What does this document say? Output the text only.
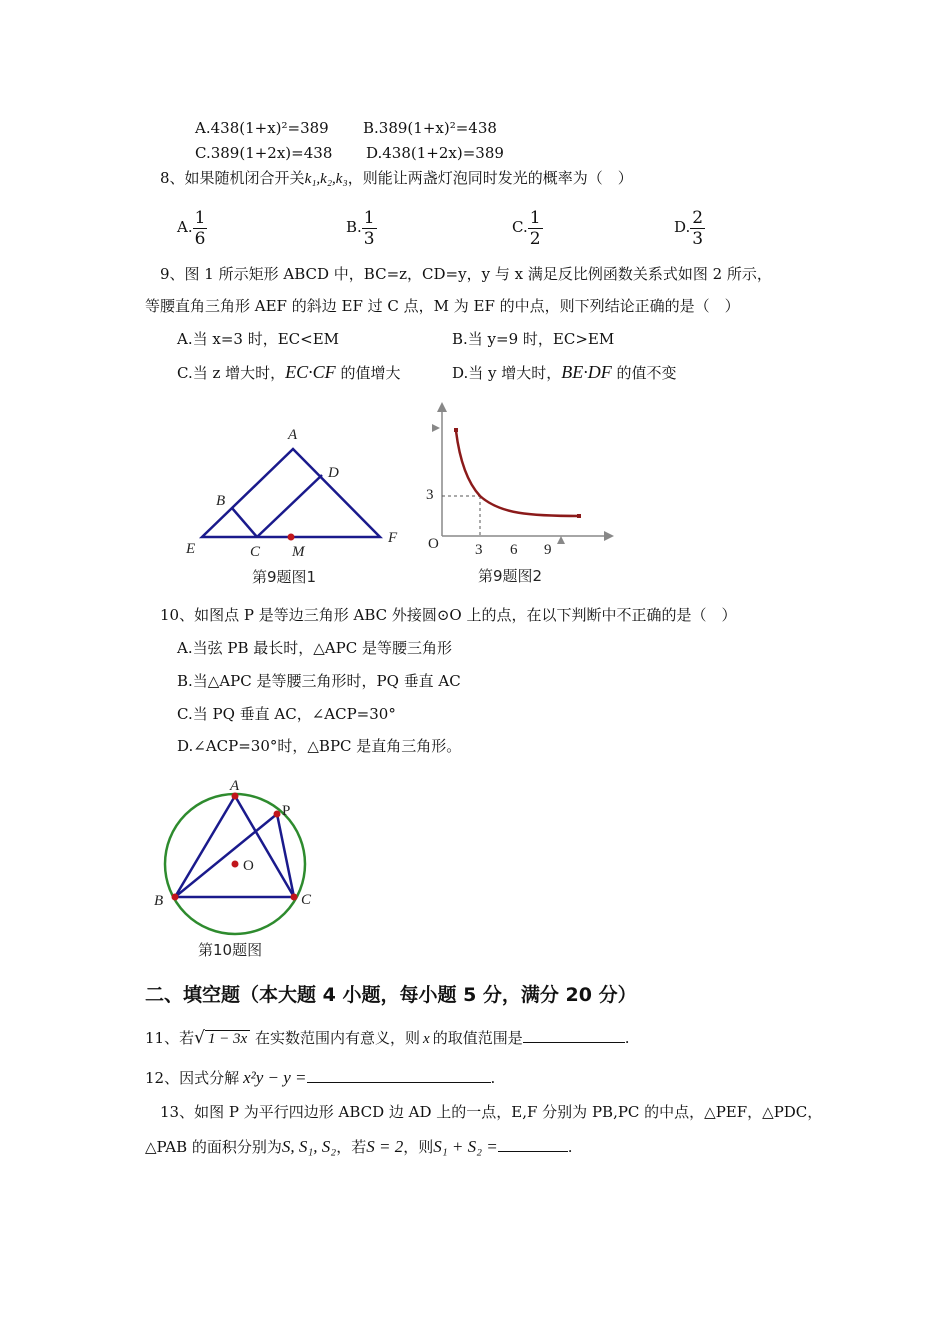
A.438(1+x)²=389 B.389(1+x)²=438
C.389(1+2x)=438 D.438(1+2x)=389
8、如果随机闭合开关k₁,k₂,k₃，则能让两盏灯泡同时发光的概率为（　）
A. $\frac{1}{6}$	B. $\frac{1}{3}$	C. $\frac{1}{2}$	D. $\frac{2}{3}$
9、图 1 所示矩形 ABCD 中，BC=z，CD=y，y 与 x 满足反比例函数关系式如图 2 所示，
等腰直角三角形 AEF 的斜边 EF 过 C 点，M 为 EF 的中点，则下列结论正确的是（　）
A.当 x=3 时，EC<EM	B.当 y=9 时，EC>EM
C.当 z 增大时，EC·CF 的值增大	D.当 y 增大时，BE·DF 的值不变
A
B
C
D
E
F
M
第9题图1
O
3
3 6 9
第9题图2
10、如图点 P 是等边三角形 ABC 外接圆⊙O 上的点，在以下判断中不正确的是（　）
A.当弦 PB 最长时，△APC 是等腰三角形
B.当△APC 是等腰三角形时，PQ 垂直 AC
C.当 PQ 垂直 AC，∠ACP=30°
D.∠ACP=30°时，△BPC 是直角三角形。
A
B	C
P
O
第10题图
二、填空题（本大题 4 小题，每小题 5 分，满分 20 分）
11、若√ 1 − 3x 在实数范围内有意义，则 x 的取值范围是	.
12、因式分解 x²y − y =	.
13、如图 P 为平行四边形 ABCD 边 AD 上的一点，E,F 分别为 PB,PC 的中点，△PEF，△PDC，
△PAB 的面积分别为S, S₁, S₂，若S = 2，则S₁ + S₂ =	.
